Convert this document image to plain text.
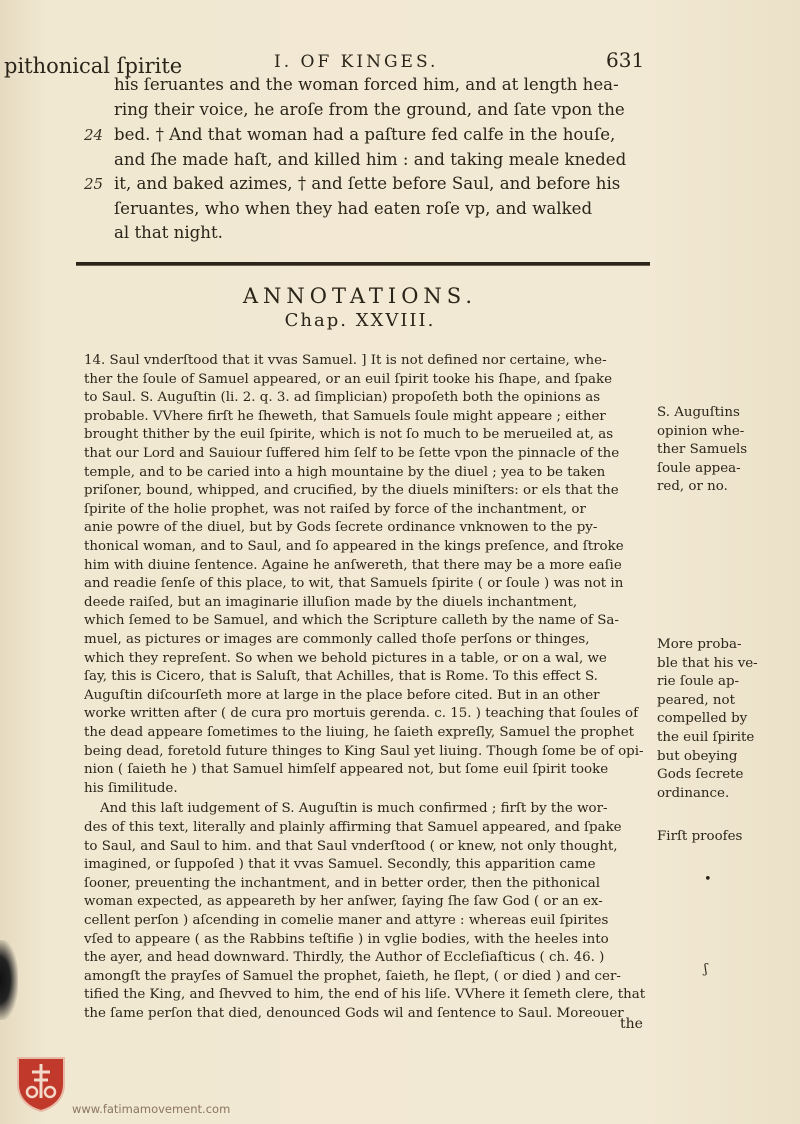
pithonical ſpirite	I. OF KINGES.	631
his ſeruantes and the woman forced him, and at length hea-
ring their voice, he aroſe from the ground, and ſate vpon the
24 bed. † And that woman had a paſture fed calfe in the houſe,
and ſhe made haſt, and killed him : and taking meale kneded
25 it, and baked azimes, † and ſette before Saul, and before his
ſeruantes, who when they had eaten roſe vp, and walked
al that night.
ANNOTATIONS.
Chap. XXVIII.
14. Saul vnderſtood that it vvas Samuel. ] It is not defined nor certaine, whe-
ther the ſoule of Samuel appeared, or an euil ſpirit tooke his ſhape, and ſpake
to Saul. S. Auguſtin (li. 2. q. 3. ad ſimplician) propoſeth both the opinions as
probable. VVhere firſt he ſheweth, that Samuels ſoule might appeare ; either
brought thither by the euil ſpirite, which is not ſo much to be merueiled at, as
that our Lord and Sauiour ſuffered him ſelf to be ſette vpon the pinnacle of the
temple, and to be caried into a high mountaine by the diuel ; yea to be taken
priſoner, bound, whipped, and crucified, by the diuels miniſters: or els that the
ſpirite of the holie prophet, was not raiſed by force of the inchantment, or
anie powre of the diuel, but by Gods ſecrete ordinance vnknowen to the py-
thonical woman, and to Saul, and ſo appeared in the kings preſence, and ſtroke
him with diuine ſentence. Againe he anſwereth, that there may be a more eaſie
and readie ſenſe of this place, to wit, that Samuels ſpirite ( or ſoule ) was not in
deede raiſed, but an imaginarie illuſion made by the diuels inchantment,
which ſemed to be Samuel, and which the Scripture calleth by the name of Sa-
muel, as pictures or images are commonly called thoſe perſons or thinges,
which they repreſent. So when we behold pictures in a table, or on a wal, we
ſay, this is Cicero, that is Saluſt, that Achilles, that is Rome. To this effect S.
Auguſtin diſcourſeth more at large in the place before cited. But in an other
worke written after ( de cura pro mortuis gerenda. c. 15. ) teaching that ſoules of
the dead appeare ſometimes to the liuing, he ſaieth expreſly, Samuel the prophet
being dead, foretold future thinges to King Saul yet liuing. Though ſome be of opi-
nion ( ſaieth he ) that Samuel himſelf appeared not, but ſome euil ſpirit tooke
his ſimilitude.
And this laſt iudgement of S. Auguſtin is much confirmed ; firſt by the wor-
des of this text, literally and plainly affirming that Samuel appeared, and ſpake
to Saul, and Saul to him. and that Saul vnderſtood ( or knew, not only thought,
imagined, or ſuppoſed ) that it vvas Samuel. Secondly, this apparition came
ſooner, preuenting the inchantment, and in better order, then the pithonical
woman expected, as appeareth by her anſwer, ſaying ſhe ſaw God ( or an ex-
cellent perſon ) aſcending in comelie maner and attyre : whereas euil ſpirites
vſed to appeare ( as the Rabbins teſtifie ) in vglie bodies, with the heeles into
the ayer, and head downward. Thirdly, the Author of Eccleſiaſticus ( ch. 46. )
amongſt the prayſes of Samuel the prophet, ſaieth, he ſlept, ( or died ) and cer-
tified the King, and ſhevved to him, the end of his liſe. VVhere it ſemeth clere, that
the ſame perſon that died, denounced Gods wil and ſentence to Saul. Moreouer
S. Auguſtins
opinion whe-
ther Samuels
ſoule appea-
red, or no.
More proba-
ble that his ve-
rie ſoule ap-
peared, not
compelled by
the euil ſpirite
but obeying
Gods ſecrete
ordinance.
Firſt proofes
•
ʃ
the
www.fatimamovement.com
